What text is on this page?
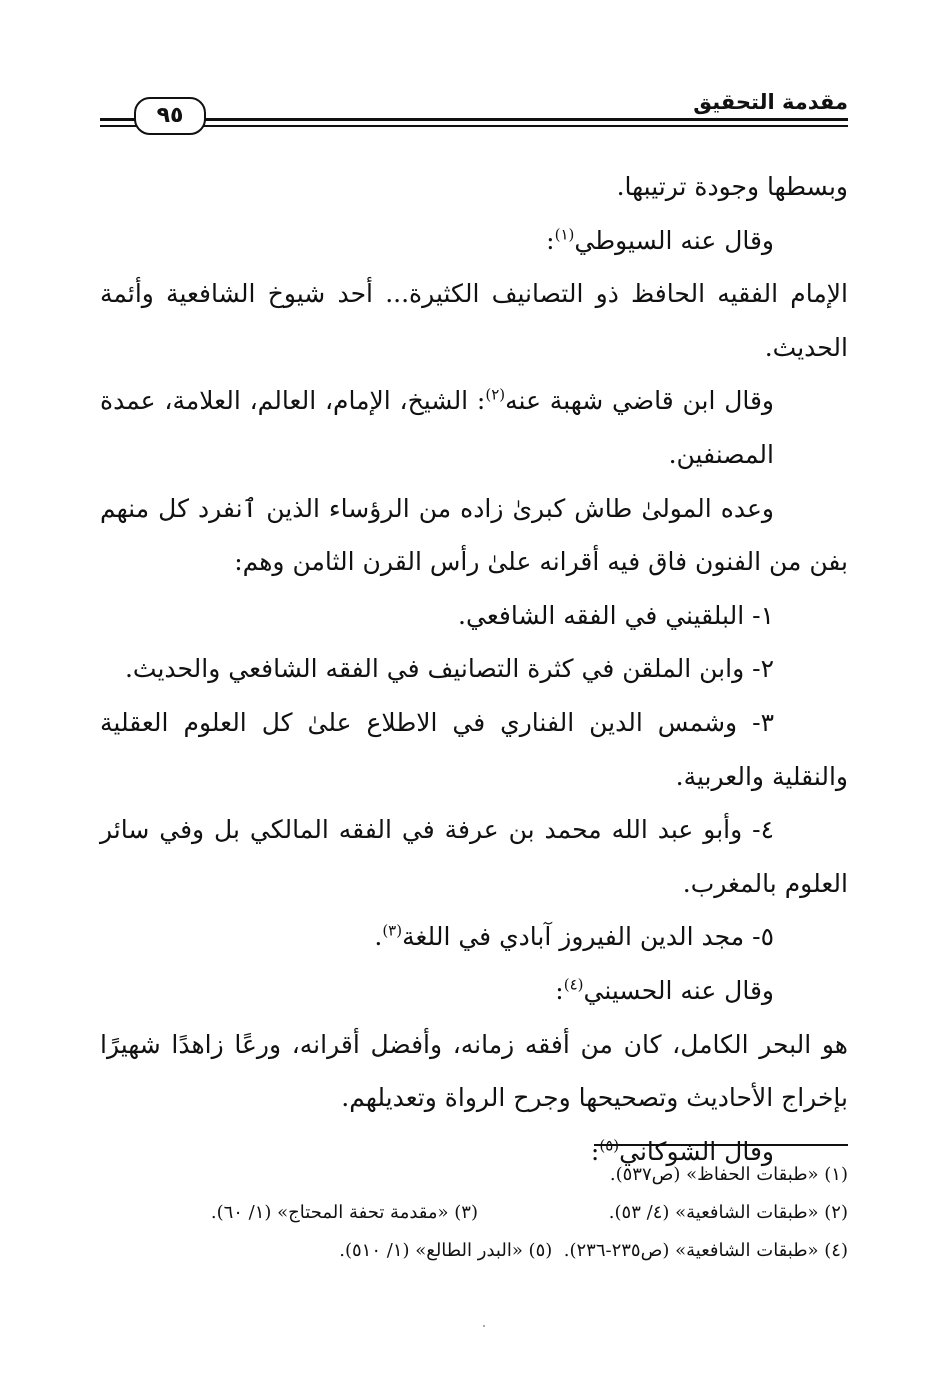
مقدمة التحقيق
٩٥

وبسطها وجودة ترتيبها.

وقال عنه السيوطي$^{(١)}$:

الإمام الفقيه الحافظ ذو التصانيف الكثيرة... أحد شيوخ الشافعية وأئمة الحديث.

وقال ابن قاضي شهبة عنه$^{(٢)}$: الشيخ، الإمام، العالم، العلامة، عمدة المصنفين.

وعده المولىٰ طاش كبرىٰ زاده من الرؤساء الذين ٱنفرد كل منهم بفن من الفنون فاق فيه أقرانه علىٰ رأس القرن الثامن وهم:

١- البلقيني في الفقه الشافعي.

٢- وابن الملقن في كثرة التصانيف في الفقه الشافعي والحديث.

٣- وشمس الدين الفناري في الاطلاع علىٰ كل العلوم العقلية والنقلية والعربية.

٤- وأبو عبد الله محمد بن عرفة في الفقه المالكي بل وفي سائر العلوم بالمغرب.

٥- مجد الدين الفيروز آبادي في اللغة$^{(٣)}$.

وقال عنه الحسيني$^{(٤)}$:

هو البحر الكامل، كان من أفقه زمانه، وأفضل أقرانه، ورعًا زاهدًا شهيرًا بإخراج الأحاديث وتصحيحها وجرح الرواة وتعديلهم.

وقال الشوكاني$^{(٥)}$:

(١) «طبقات الحفاظ» (ص٥٣٧).
(٢) «طبقات الشافعية» (٤/ ٥٣).
(٣) «مقدمة تحفة المحتاج» (١/ ٦٠).
(٤) «طبقات الشافعية» (ص٢٣٥-٢٣٦).  (٥) «البدر الطالع» (١/ ٥١٠).
